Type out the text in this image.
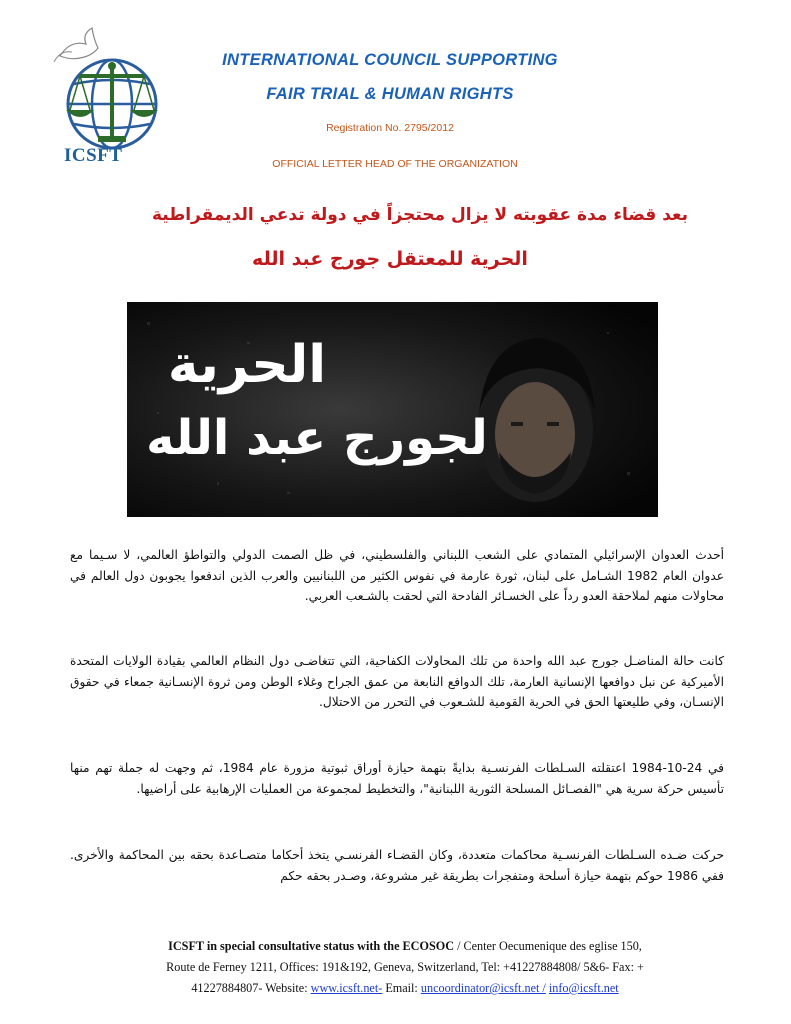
ICSFT
INTERNATIONAL COUNCIL SUPPORTING
FAIR TRIAL & HUMAN RIGHTS
Registration No. 2795/2012
OFFICIAL LETTER HEAD OF THE ORGANIZATION
بعد قضاء مدة عقوبته لا يزال محتجزاً في دولة تدعي الديمقراطية
الحرية للمعتقل جورج عبد الله
الحرية
لجورج عبد الله
أحدث العدوان الإسرائيلي المتمادي على الشعب اللبناني والفلسطيني، في ظل الصمت الدولي والتواطؤ العالمي، لا سـيما مع عدوان العام 1982 الشـامل على لبنان، ثورة عارمة في نفوس الكثير من اللبنانيين والعرب الذين اندفعوا يجوبون دول العالم في محاولات منهم لملاحقة العدو رداً على الخسـائر الفادحة التي لحقت بالشـعب العربي.
كانت حالة المناضـل جورج عبد الله واحدة من تلك المحاولات الكفاحية، التي تتغاضـى دول النظام العالمي بقيادة الولايات المتحدة الأميركية عن نبل دوافعها الإنسانية العارمة، تلك الدوافع النابعة من عمق الجراح وغلاء الوطن ومن ثروة الإنسـانية جمعاء في حقوق الإنسـان، وفي طليعتها الحق في الحرية القومية للشـعوب في التحرر من الاحتلال.
في 24-10-1984 اعتقلته السـلطات الفرنسـية بدايةً بتهمة حيازة أوراق ثبوتية مزورة عام 1984، ثم وجهت له جملة تهم منها تأسيس حركة سرية هي "الفصـائل المسلحة الثورية اللبنانية"، والتخطيط لمجموعة من العمليات الإرهابية على أراضيها.
حركت ضـده السـلطات الفرنسـية محاكمات متعددة، وكان القضـاء الفرنسـي يتخذ أحكاما متصـاعدة بحقه بين المحاكمة والأخرى. ففي 1986 حوكم بتهمة حيازة أسلحة ومتفجرات بطريقة غير مشروعة، وصـدر بحقه حكم
ICSFT in special consultative status with the ECOSOC / Center Oecumenique des eglise 150,
Route de Ferney 1211, Offices: 191&192, Geneva, Switzerland, Tel: +41227884808/ 5&6- Fax: +
41227884807- Website: www.icsft.net- Email: uncoordinator@icsft.net / info@icsft.net
